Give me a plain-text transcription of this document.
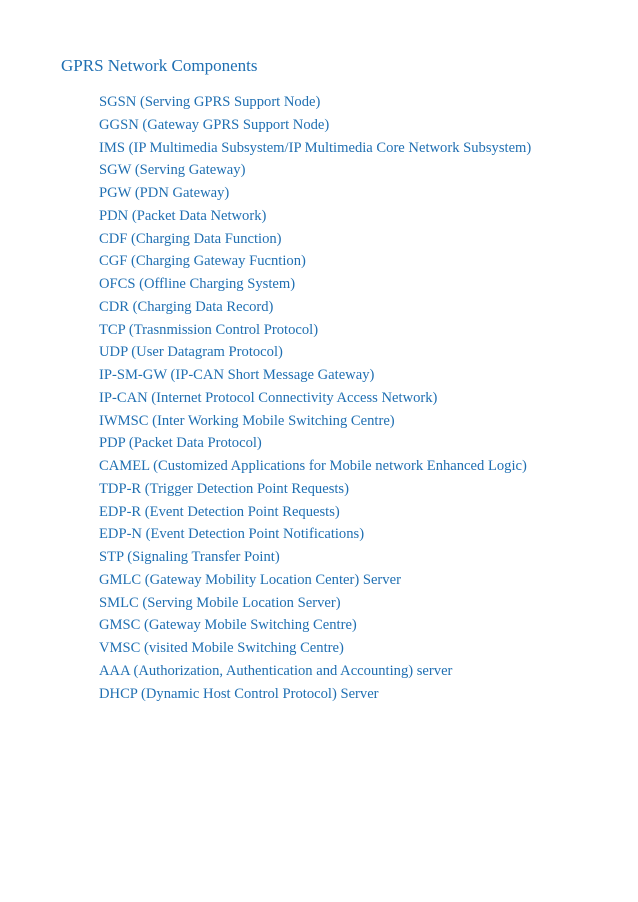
GPRS Network Components
SGSN (Serving GPRS Support Node)
GGSN (Gateway GPRS Support Node)
IMS (IP Multimedia Subsystem/IP Multimedia Core Network Subsystem)
SGW (Serving Gateway)
PGW (PDN Gateway)
PDN (Packet Data Network)
CDF (Charging Data Function)
CGF (Charging Gateway Fucntion)
OFCS (Offline Charging System)
CDR (Charging Data Record)
TCP (Trasnmission Control Protocol)
UDP (User Datagram Protocol)
IP-SM-GW (IP-CAN Short Message Gateway)
IP-CAN (Internet Protocol Connectivity Access Network)
IWMSC (Inter Working Mobile Switching Centre)
PDP (Packet Data Protocol)
CAMEL (Customized Applications for Mobile network Enhanced Logic)
TDP-R (Trigger Detection Point Requests)
EDP-R (Event Detection Point Requests)
EDP-N (Event Detection Point Notifications)
STP (Signaling Transfer Point)
GMLC (Gateway Mobility Location Center) Server
SMLC (Serving Mobile Location Server)
GMSC (Gateway Mobile Switching Centre)
VMSC (visited Mobile Switching Centre)
AAA (Authorization, Authentication and Accounting) server
DHCP (Dynamic Host Control Protocol) Server
